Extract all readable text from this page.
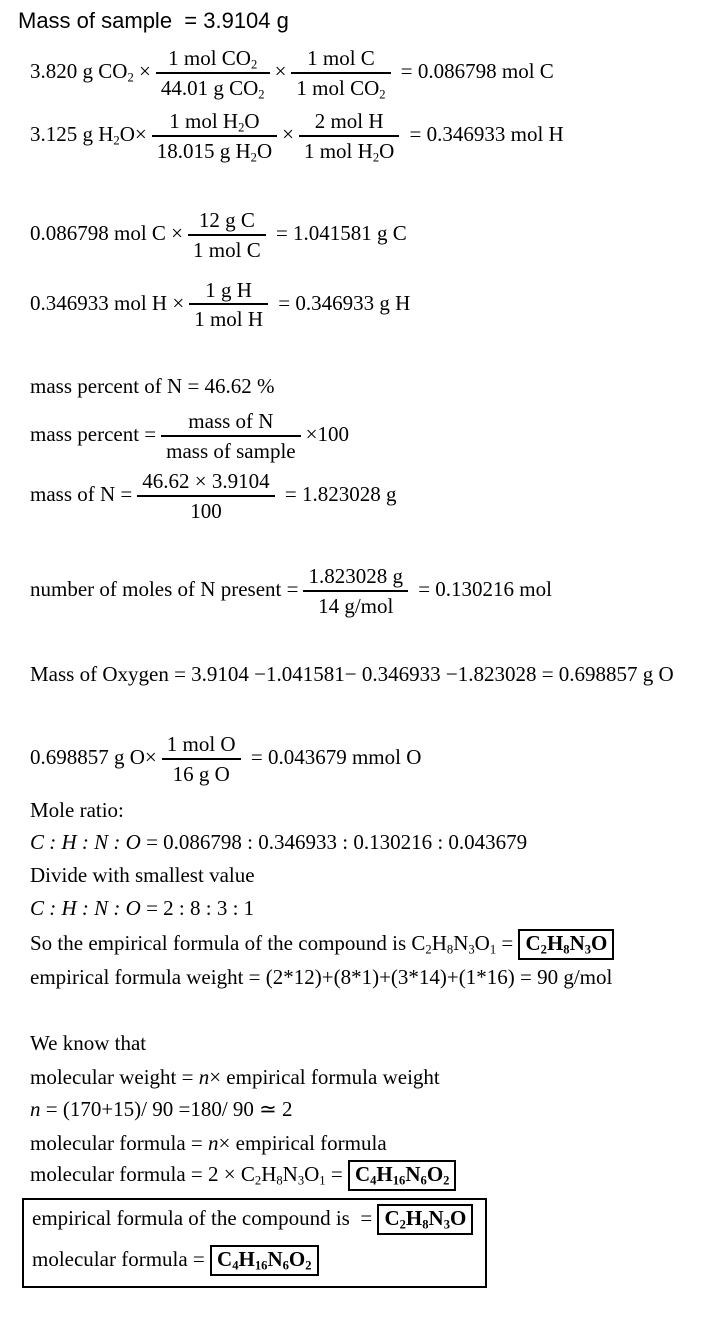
Mass of sample  = 3.9104 g
3.820 g $CO_2 \times \frac{1 mol CO_2}{44.01 g CO_2} \times \frac{\text{1 mol C}}{1 mol CO_2} = 0.086798$ mol C
3.125 g $H_2O\times \frac{1 mol H_2O}{18.015 g H_2O} \times \frac{\text{2 mol H}}{1 mol H_2O} = 0.346933$ mol H
0.086798 mol $C \times \frac{\text{12 g C}}{\text{1 mol C}} = 1.041581$ g C
0.346933 mol $H \times \frac{\text{1 g H}}{\text{1 mol H}} = 0.346933$ g H
mass percent of N = 46.62 %
mass percent = $\frac{\text{mass of N}}{\text{mass of sample}} \times 100$
mass of $N = \frac{46.62 \times 3.9104}{100} = 1.823028$ g
number of moles of N present = $\frac{1.823028 g}{\text{14 g/mol}} = 0.130216$ mol
Mass of Oxygen = 3.9104 −1.041581− 0.346933 −1.823028 = 0.698857 g O
0.698857 g $O\times \frac{\text{1 mol O}}{\text{16 g O}} = 0.043679$ mmol O
Mole ratio:
C : H : N : O = 0.086798 : 0.346933 : 0.130216 : 0.043679
Divide with smallest value
C : H : N : O = 2 : 8 : 3 : 1
So the empirical formula of the compound is $C_2H_8N_3O_1 = C_2H_8N_3O$
empirical formula weight = (2*12)+(8*1)+(3*14)+(1*16) = 90 g/mol
We know that
molecular weight = n× empirical formula weight
n = (170+15)/ 90 =180/ 90 ≃ 2
molecular formula = n× empirical formula
molecular formula = $2 \times C_2H_8N_3O_1 = C_4H_{16}N_6O_2$
empirical formula of the compound is  = $C_2H_8N_3O$
molecular formula = $C_4H_{16}N_6O_2$
